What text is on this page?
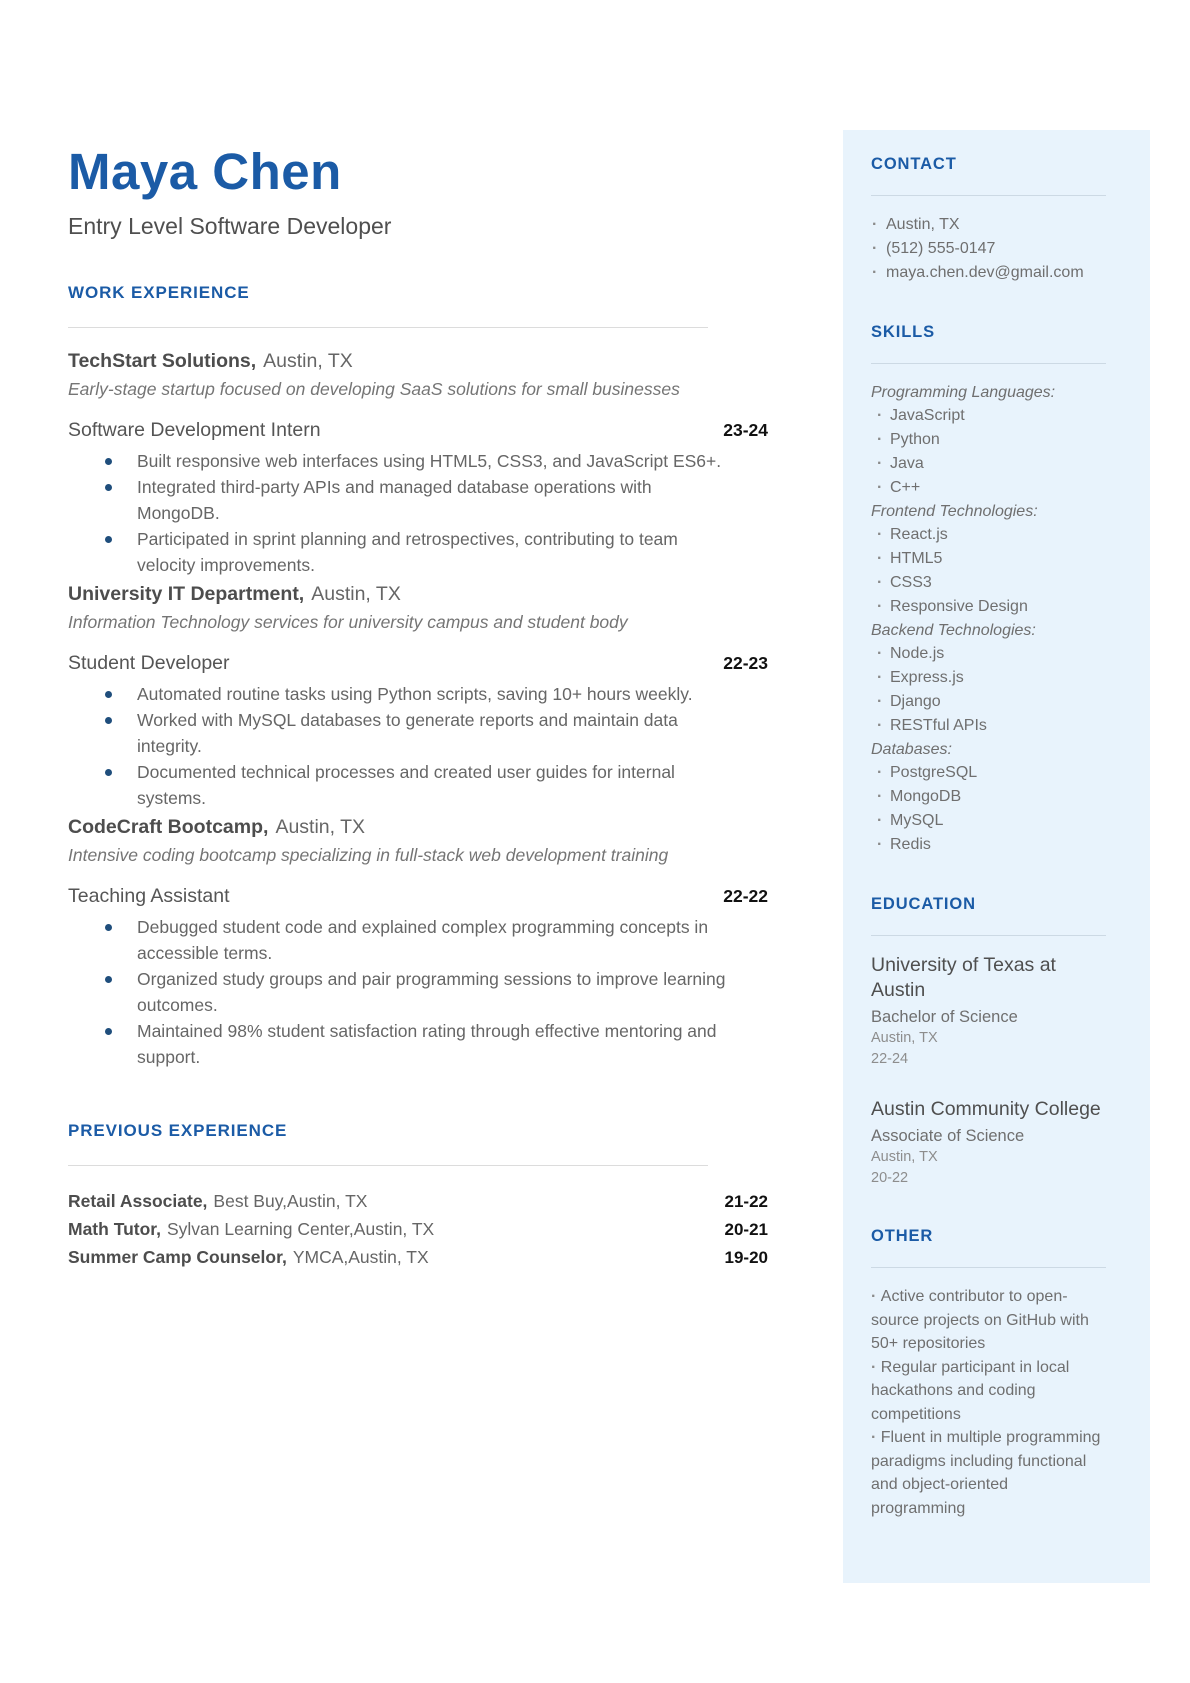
Maya Chen
Entry Level Software Developer
WORK EXPERIENCE
TechStart Solutions, Austin, TX
Early-stage startup focused on developing SaaS solutions for small businesses
Software Development Intern	23-24
Built responsive web interfaces using HTML5, CSS3, and JavaScript ES6+.
Integrated third-party APIs and managed database operations with MongoDB.
Participated in sprint planning and retrospectives, contributing to team velocity improvements.
University IT Department, Austin, TX
Information Technology services for university campus and student body
Student Developer	22-23
Automated routine tasks using Python scripts, saving 10+ hours weekly.
Worked with MySQL databases to generate reports and maintain data integrity.
Documented technical processes and created user guides for internal systems.
CodeCraft Bootcamp, Austin, TX
Intensive coding bootcamp specializing in full-stack web development training
Teaching Assistant	22-22
Debugged student code and explained complex programming concepts in accessible terms.
Organized study groups and pair programming sessions to improve learning outcomes.
Maintained 98% student satisfaction rating through effective mentoring and support.
PREVIOUS EXPERIENCE
Retail Associate, Best Buy,Austin, TX	21-22
Math Tutor, Sylvan Learning Center,Austin, TX	20-21
Summer Camp Counselor, YMCA,Austin, TX	19-20
CONTACT
· Austin, TX
· (512) 555-0147
· maya.chen.dev@gmail.com
SKILLS
Programming Languages:
· JavaScript
· Python
· Java
· C++
Frontend Technologies:
· React.js
· HTML5
· CSS3
· Responsive Design
Backend Technologies:
· Node.js
· Express.js
· Django
· RESTful APIs
Databases:
· PostgreSQL
· MongoDB
· MySQL
· Redis
EDUCATION
University of Texas at Austin
Bachelor of Science
Austin, TX
22-24
Austin Community College
Associate of Science
Austin, TX
20-22
OTHER

· Active contributor to open-source projects on GitHub with 50+ repositories

· Regular participant in local hackathons and coding competitions

· Fluent in multiple programming paradigms including functional and object-oriented programming
